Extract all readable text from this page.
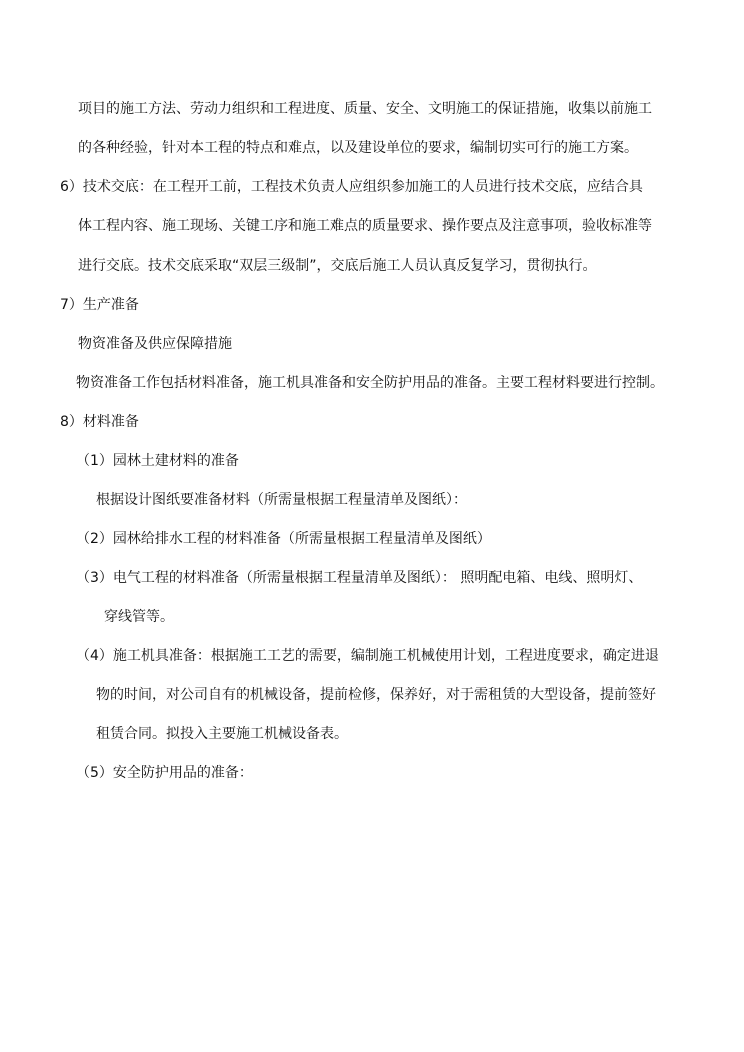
项目的施工方法、劳动力组织和工程进度、质量、安全、文明施工的保证措施，收集以前施工
的各种经验，针对本工程的特点和难点，以及建设单位的要求，编制切实可行的施工方案。
6）技术交底：在工程开工前，工程技术负责人应组织参加施工的人员进行技术交底，应结合具
体工程内容、施工现场、关键工序和施工难点的质量要求、操作要点及注意事项，验收标准等
进行交底。技术交底采取“双层三级制”，交底后施工人员认真反复学习，贯彻执行。
7）生产准备
物资准备及供应保障措施
物资准备工作包括材料准备，施工机具准备和安全防护用品的准备。主要工程材料要进行控制。
8）材料准备
（1）园林土建材料的准备
根据设计图纸要准备材料（所需量根据工程量清单及图纸）：
（2）园林给排水工程的材料准备（所需量根据工程量清单及图纸）
（3）电气工程的材料准备（所需量根据工程量清单及图纸）： 照明配电箱、电线、照明灯、
穿线管等。
（4）施工机具准备：根据施工工艺的需要，编制施工机械使用计划，工程进度要求，确定进退
物的时间，对公司自有的机械设备，提前检修，保养好，对于需租赁的大型设备，提前签好
租赁合同。拟投入主要施工机械设备表。
（5）安全防护用品的准备：
